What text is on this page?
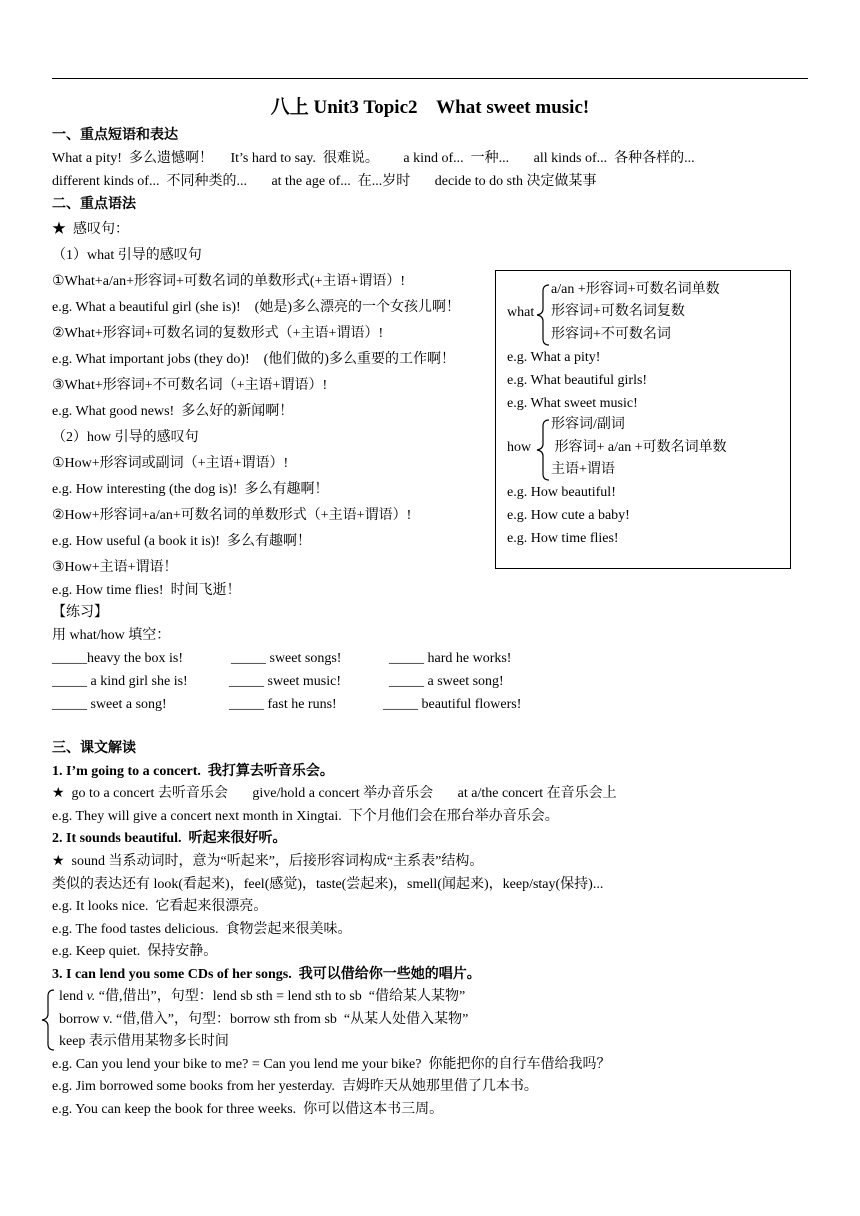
八上 Unit3 Topic2    What sweet music!
一、重点短语和表达
What a pity!  多么遗憾啊！     It’s hard to say.  很难说。       a kind of...  一种...       all kinds of...  各种各样的...
different kinds of...  不同种类的...       at the age of...  在...岁时       decide to do sth 决定做某事
二、重点语法
★  感叹句：
（1）what 引导的感叹句
①What+a/an+形容词+可数名词的单数形式(+主语+谓语）!
e.g. What a beautiful girl (she is)!    (她是)多么漂亮的一个女孩儿啊！
②What+形容词+可数名词的复数形式（+主语+谓语）!
e.g. What important jobs (they do)!    (他们做的)多么重要的工作啊！
③What+形容词+不可数名词（+主语+谓语）!
e.g. What good news!  多么好的新闻啊！
（2）how 引导的感叹句
①How+形容词或副词（+主语+谓语）!
e.g. How interesting (the dog is)!  多么有趣啊！
②How+形容词+a/an+可数名词的单数形式（+主语+谓语）!
e.g. How useful (a book it is)!  多么有趣啊！
③How+主语+谓语！
e.g. How time flies!  时间飞逝！
what
a/an +形容词+可数名词单数
形容词+可数名词复数
形容词+不可数名词
e.g. What a pity!
e.g. What beautiful girls!
e.g. What sweet music!
how
形容词/副词
形容词+ a/an +可数名词单数
主语+谓语
e.g. How beautiful!
e.g. How cute a baby!
e.g. How time flies!
【练习】
用 what/how 填空：
_____heavy the box is!	_____ sweet songs!	_____ hard he works!
_____ a kind girl she is!	_____ sweet music!	_____ a sweet song!
_____ sweet a song!	_____ fast he runs!	_____ beautiful flowers!
三、课文解读
1. I’m going to a concert.  我打算去听音乐会。
★  go to a concert 去听音乐会       give/hold a concert 举办音乐会       at a/the concert 在音乐会上
e.g. They will give a concert next month in Xingtai.  下个月他们会在邢台举办音乐会。
2. It sounds beautiful.  听起来很好听。
★  sound 当系动词时，意为“听起来”，后接形容词构成“主系表”结构。
类似的表达还有 look(看起来)，feel(感觉)，taste(尝起来)，smell(闻起来)，keep/stay(保持)...
e.g. It looks nice.  它看起来很漂亮。
e.g. The food tastes delicious.  食物尝起来很美味。
e.g. Keep quiet.  保持安静。
3. I can lend you some CDs of her songs.  我可以借给你一些她的唱片。
lend v. “借,借出”，句型：lend sb sth = lend sth to sb  “借给某人某物”
borrow v. “借,借入”，句型：borrow sth from sb  “从某人处借入某物”
keep 表示借用某物多长时间
e.g. Can you lend your bike to me? = Can you lend me your bike?  你能把你的自行车借给我吗？
e.g. Jim borrowed some books from her yesterday.  吉姆昨天从她那里借了几本书。
e.g. You can keep the book for three weeks.  你可以借这本书三周。
